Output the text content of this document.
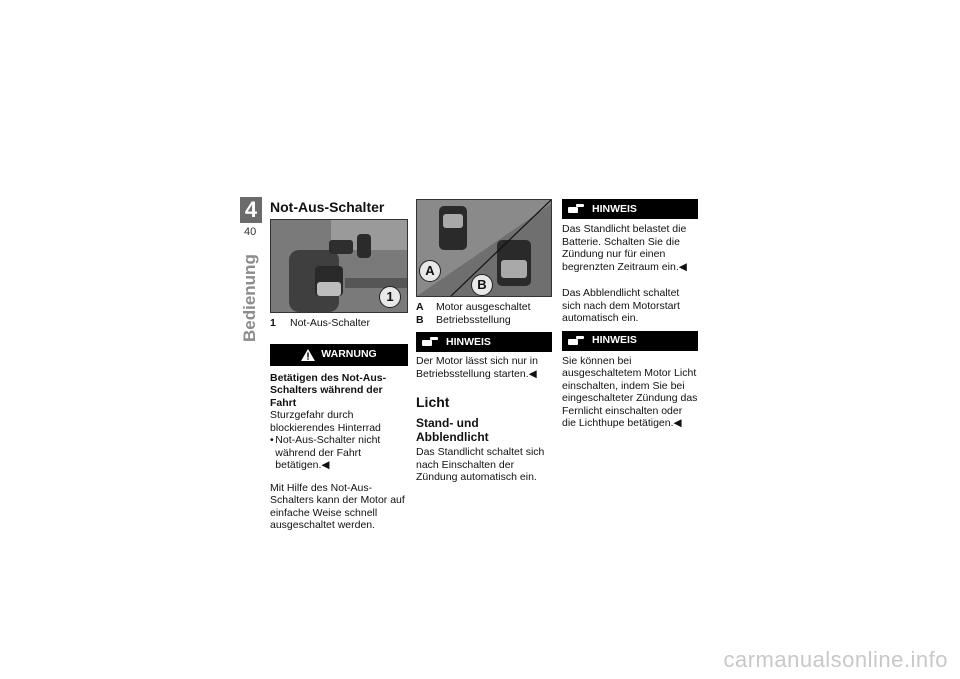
4
40
Bedienung
Not-Aus-Schalter
1
1	Not-Aus-Schalter
WARNUNG

Betätigen des Not-Aus-Schalters während der Fahrt

Sturzgefahr durch blockierendes Hinterrad

• Not-Aus-Schalter nicht während der Fahrt betätigen.◀

Mit Hilfe des Not-Aus-Schalters kann der Motor auf einfache Weise schnell ausgeschaltet werden.

A
B
A	Motor ausgeschaltet
B	Betriebsstellung
HINWEIS

Der Motor lässt sich nur in Betriebsstellung starten.◀

Licht
Stand- und Abblendlicht

Das Standlicht schaltet sich nach Einschalten der Zündung automatisch ein.

HINWEIS

Das Standlicht belastet die Batterie. Schalten Sie die Zündung nur für einen begrenzten Zeitraum ein.◀

Das Abblendlicht schaltet sich nach dem Motorstart automatisch ein.

HINWEIS

Sie können bei ausgeschaltetem Motor Licht einschalten, indem Sie bei eingeschalteter Zündung das Fernlicht einschalten oder die Lichthupe betätigen.◀

carmanualsonline.info
